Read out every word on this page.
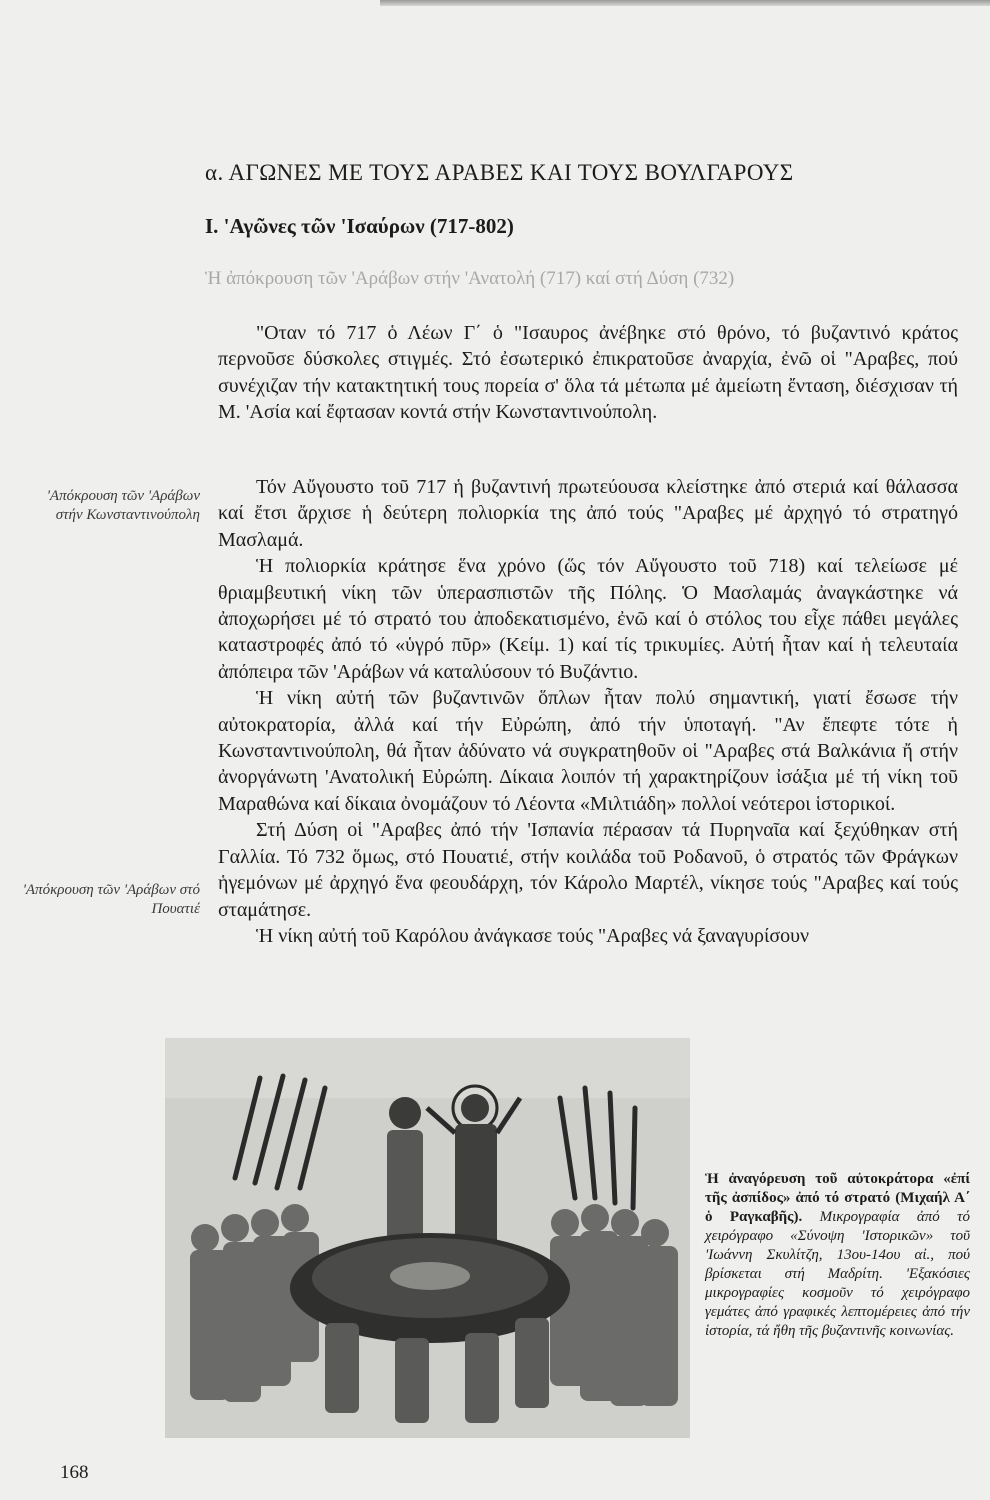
α. ΑΓΩΝΕΣ ΜΕ ΤΟΥΣ ΑΡΑΒΕΣ ΚΑΙ ΤΟΥΣ ΒΟΥΛΓΑΡΟΥΣ
Ι. 'Αγῶνες τῶν 'Ισαύρων (717-802)
Ἡ ἀπόκρουση τῶν 'Αράβων στήν 'Ανατολή (717) καί στή Δύση (732)

"Οταν τό 717 ὁ Λέων Γ΄ ὁ "Ισαυρος ἀνέβηκε στό θρόνο, τό βυζαντινό κράτος περνοῦσε δύσκολες στιγμές. Στό ἐσωτερικό ἐπικρατοῦσε ἀναρχία, ἐνῶ οἱ "Αραβες, πού συνέχιζαν τήν κατακτητική τους πορεία σ' ὅλα τά μέτωπα μέ ἀμείωτη ἔνταση, διέσχισαν τή Μ. 'Ασία καί ἔφτασαν κοντά στήν Κωνσταντινούπολη.

Τόν Αὔγουστο τοῦ 717 ἡ βυζαντινή πρωτεύουσα κλείστηκε ἀπό στεριά καί θάλασσα καί ἔτσι ἄρχισε ἡ δεύτερη πολιορκία της ἀπό τούς "Αραβες μέ ἀρχηγό τό στρατηγό Μασλαμά.

Ἡ πολιορκία κράτησε ἕνα χρόνο (ὥς τόν Αὔγουστο τοῦ 718) καί τελείωσε μέ θριαμβευτική νίκη τῶν ὑπερασπιστῶν τῆς Πόλης. Ὁ Μασλαμάς ἀναγκάστηκε νά ἀποχωρήσει μέ τό στρατό του ἀποδεκατισμένο, ἐνῶ καί ὁ στόλος του εἶχε πάθει μεγάλες καταστροφές ἀπό τό «ὑγρό πῦρ» (Κείμ. 1) καί τίς τρικυμίες. Αὐτή ἦταν καί ἡ τελευταία ἀπόπειρα τῶν 'Αράβων νά καταλύσουν τό Βυζάντιο.

Ἡ νίκη αὐτή τῶν βυζαντινῶν ὅπλων ἦταν πολύ σημαντική, γιατί ἔσωσε τήν αὐτοκρατορία, ἀλλά καί τήν Εὐρώπη, ἀπό τήν ὑποταγή. "Αν ἔπεφτε τότε ἡ Κωνσταντινούπολη, θά ἦταν ἀδύνατο νά συγκρατηθοῦν οἱ "Αραβες στά Βαλκάνια ἤ στήν ἀνοργάνωτη 'Ανατολική Εὐρώπη. Δίκαια λοιπόν τή χαρακτηρίζουν ἰσάξια μέ τή νίκη τοῦ Μαραθώνα καί δίκαια ὀνομάζουν τό Λέοντα «Μιλτιάδη» πολλοί νεότεροι ἱστορικοί.

Στή Δύση οἱ "Αραβες ἀπό τήν 'Ισπανία πέρασαν τά Πυρηναῖα καί ξεχύθηκαν στή Γαλλία. Τό 732 ὅμως, στό Πουατιέ, στήν κοιλάδα τοῦ Ροδανοῦ, ὁ στρατός τῶν Φράγκων ἡγεμόνων μέ ἀρχηγό ἕνα φεουδάρχη, τόν Κάρολο Μαρτέλ, νίκησε τούς "Αραβες καί τούς σταμάτησε.

Ἡ νίκη αὐτή τοῦ Καρόλου ἀνάγκασε τούς "Αραβες νά ξαναγυρίσουν

'Απόκρουση τῶν 'Αράβων στήν Κωνσταντινούπολη
'Απόκρουση τῶν 'Αράβων στό Πουατιέ
Ἡ ἀναγόρευση τοῦ αὐτοκράτορα «ἐπί τῆς ἀσπίδος» ἀπό τό στρατό (Μιχαήλ Α΄ ὁ Ραγκαβῆς). Μικρογραφία ἀπό τό χειρόγραφο «Σύνοψη 'Ιστορικῶν» τοῦ 'Ιωάννη Σκυλίτζη, 13ου-14ου αἰ., πού βρίσκεται στή Μαδρίτη. 'Εξακόσιες μικρογραφίες κοσμοῦν τό χειρόγραφο γεμάτες ἀπό γραφικές λεπτομέρειες ἀπό τήν ἱστορία, τά ἤθη τῆς βυζαντινῆς κοινωνίας.
168
